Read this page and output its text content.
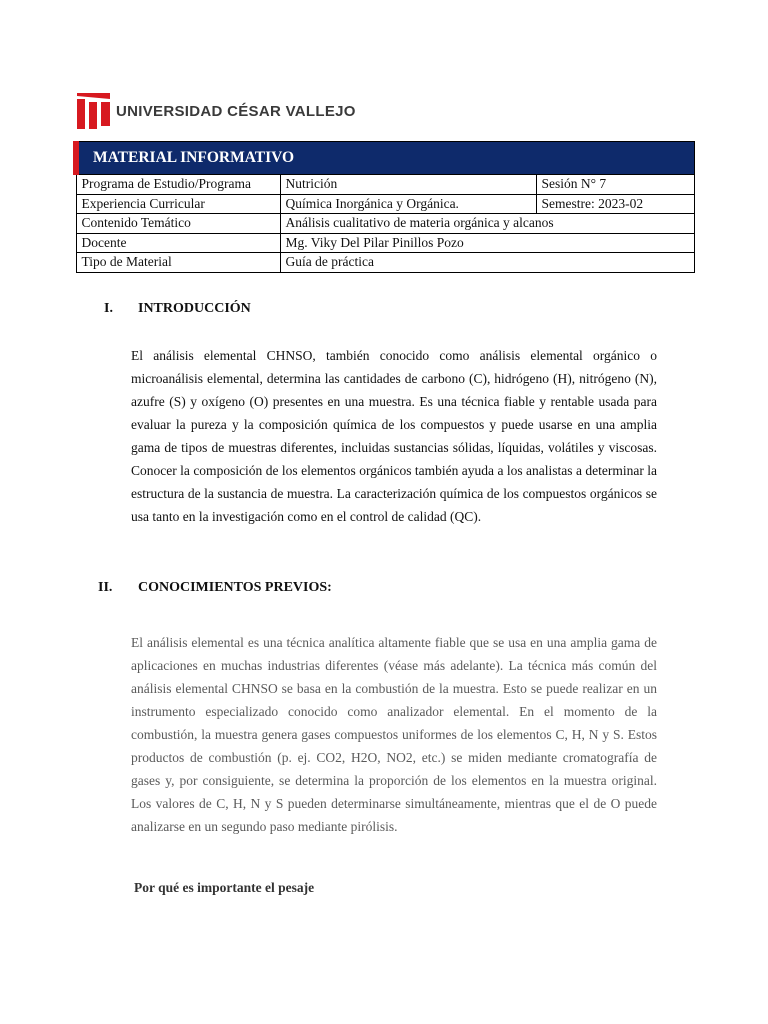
UNIVERSIDAD CÉSAR VALLEJO
MATERIAL INFORMATIVO		
Programa de Estudio/Programa	Nutrición	Sesión N° 7
Experiencia Curricular	Química Inorgánica y Orgánica.	Semestre: 2023-02
Contenido Temático	Análisis cualitativo de materia orgánica y alcanos	
Docente	Mg. Viky Del Pilar Pinillos Pozo	
Tipo de Material	Guía de práctica	
I. INTRODUCCIÓN
El análisis elemental CHNSO, también conocido como análisis elemental orgánico o microanálisis elemental, determina las cantidades de carbono (C), hidrógeno (H), nitrógeno (N), azufre (S) y oxígeno (O) presentes en una muestra. Es una técnica fiable y rentable usada para evaluar la pureza y la composición química de los compuestos y puede usarse en una amplia gama de tipos de muestras diferentes, incluidas sustancias sólidas, líquidas, volátiles y viscosas. Conocer la composición de los elementos orgánicos también ayuda a los analistas a determinar la estructura de la sustancia de muestra. La caracterización química de los compuestos orgánicos se usa tanto en la investigación como en el control de calidad (QC).
II. CONOCIMIENTOS PREVIOS:
El análisis elemental es una técnica analítica altamente fiable que se usa en una amplia gama de aplicaciones en muchas industrias diferentes (véase más adelante). La técnica más común del análisis elemental CHNSO se basa en la combustión de la muestra. Esto se puede realizar en un instrumento especializado conocido como analizador elemental. En el momento de la combustión, la muestra genera gases compuestos uniformes de los elementos C, H, N y S. Estos productos de combustión (p. ej. CO2, H2O, NO2, etc.) se miden mediante cromatografía de gases y, por consiguiente, se determina la proporción de los elementos en la muestra original. Los valores de C, H, N y S pueden determinarse simultáneamente, mientras que el de O puede analizarse en un segundo paso mediante pirólisis.
Por qué es importante el pesaje
